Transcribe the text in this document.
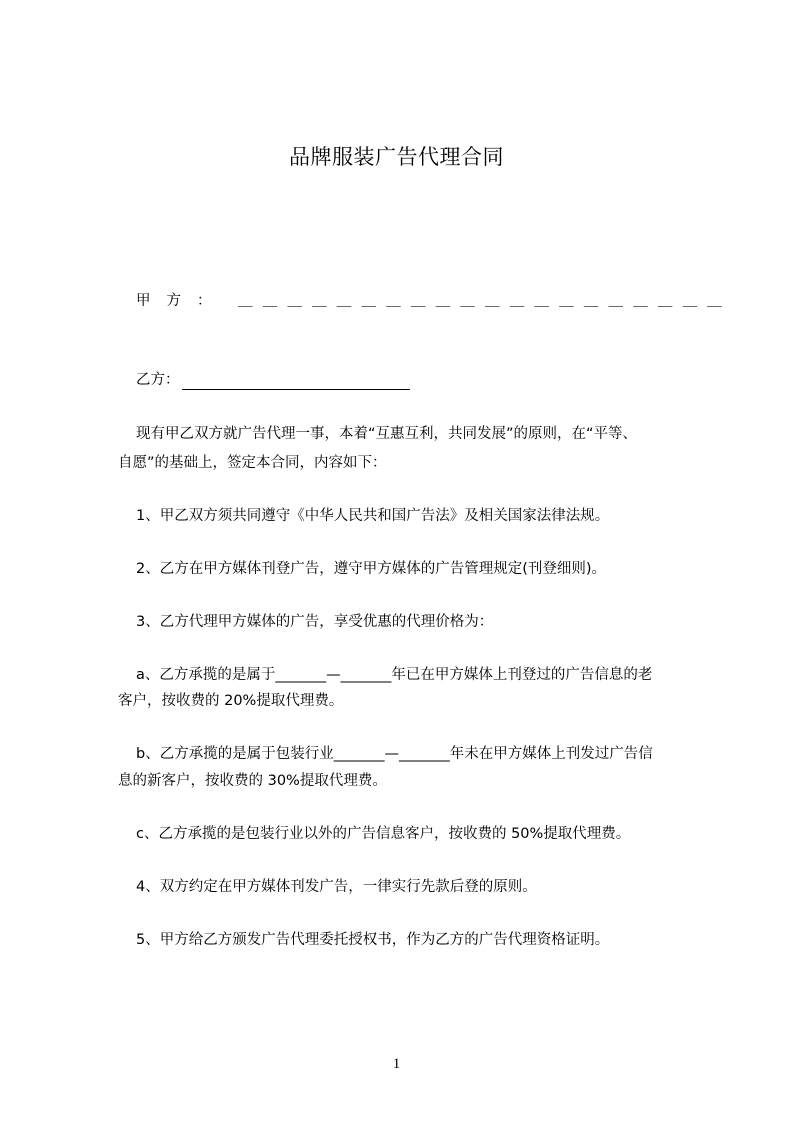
品牌服装广告代理合同
甲方： ＿＿＿＿＿＿＿＿＿＿＿＿＿＿＿＿＿＿＿＿
乙方：
现有甲乙双方就广告代理一事，本着“互惠互利，共同发展”的原则，在“平等、
自愿”的基础上，签定本合同，内容如下：
1、甲乙双方须共同遵守《中华人民共和国广告法》及相关国家法律法规。
2、乙方在甲方媒体刊登广告，遵守甲方媒体的广告管理规定(刊登细则)。
3、乙方代理甲方媒体的广告，享受优惠的代理价格为：
a、乙方承揽的是属于_______—_______年已在甲方媒体上刊登过的广告信息的老
客户，按收费的 20%提取代理费。
b、乙方承揽的是属于包装行业_______—_______年未在甲方媒体上刊发过广告信
息的新客户，按收费的 30%提取代理费。
c、乙方承揽的是包装行业以外的广告信息客户，按收费的 50%提取代理费。
4、双方约定在甲方媒体刊发广告，一律实行先款后登的原则。
5、甲方给乙方颁发广告代理委托授权书，作为乙方的广告代理资格证明。
1
